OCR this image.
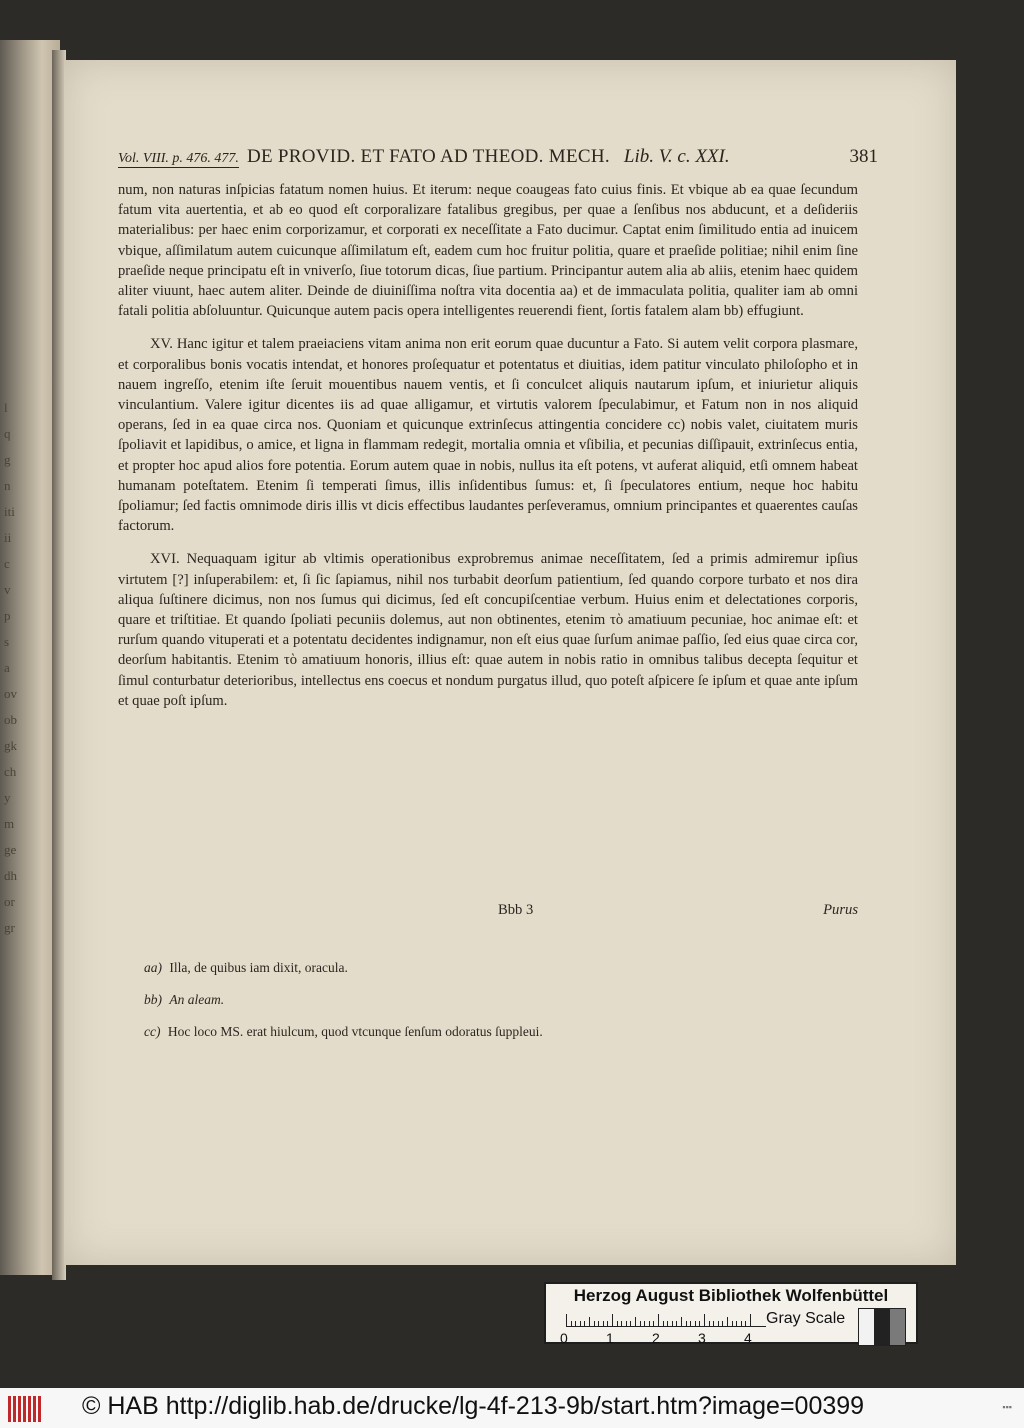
l
q
g
n
iti
ii
c
v
p
s
a
ov
ob
gk
ch
y
m
ge
dh
or
gr
Vol. VIII. p. 476. 477. DE PROVID. ET FATO AD THEOD. MECH. Lib. V. c. XXI.	381

num, non naturas inſpicias fatatum nomen huius. Et iterum: neque coaugeas fato cuius finis. Et vbique ab ea quae ſecundum fatum vita auertentia, et ab eo quod eſt corporalizare fatalibus gregibus, per quae a ſenſibus nos abducunt, et a deſideriis materialibus: per haec enim corporizamur, et corporati ex neceſſitate a Fato ducimur. Captat enim ſimilitudo entia ad inuicem vbique, aſſimilatum autem cuicunque aſſimilatum eſt, eadem cum hoc fruitur politia, quare et praeſide politiae; nihil enim ſine praeſide neque principatu eſt in vniverſo, ſiue totorum dicas, ſiue partium. Principantur autem alia ab aliis, etenim haec quidem aliter viuunt, haec autem aliter. Deinde de diuiniſſima noſtra vita docentia aa) et de immaculata politia, qualiter iam ab omni fatali politia abſoluuntur. Quicunque autem pacis opera intelligentes reuerendi fient, ſortis fatalem alam bb) effugiunt.

XV. Hanc igitur et talem praeiaciens vitam anima non erit eorum quae ducuntur a Fato. Si autem velit corpora plasmare, et corporalibus bonis vocatis intendat, et honores proſequatur et potentatus et diuitias, idem patitur vinculato philoſopho et in nauem ingreſſo, etenim iſte ſeruit mouentibus nauem ventis, et ſi conculcet aliquis nautarum ipſum, et iniurietur aliquis vinculantium. Valere igitur dicentes iis ad quae alligamur, et virtutis valorem ſpeculabimur, et Fatum non in nos aliquid operans, ſed in ea quae circa nos. Quoniam et quicunque extrinſecus attingentia concidere cc) nobis valet, ciuitatem muris ſpoliavit et lapidibus, o amice, et ligna in flammam redegit, mortalia omnia et vſibilia, et pecunias diſſipauit, extrinſecus entia, et propter hoc apud alios fore potentia. Eorum autem quae in nobis, nullus ita eſt potens, vt auferat aliquid, etſi omnem habeat humanam poteſtatem. Etenim ſi temperati ſimus, illis inſidentibus ſumus: et, ſi ſpeculatores entium, neque hoc habitu ſpoliamur; ſed factis omnimode diris illis vt dicis effectibus laudantes perſeveramus, omnium principantes et quaerentes cauſas factorum.

XVI. Nequaquam igitur ab vltimis operationibus exprobremus animae neceſſitatem, ſed a primis admiremur ipſius virtutem [?] inſuperabilem: et, ſi ſic ſapiamus, nihil nos turbabit deorſum patientium, ſed quando corpore turbato et nos dira aliqua ſuſtinere dicimus, non nos ſumus qui dicimus, ſed eſt concupiſcentiae verbum. Huius enim et delectationes corporis, quare et triſtitiae. Et quando ſpoliati pecuniis dolemus, aut non obtinentes, etenim τὸ amatiuum pecuniae, hoc animae eſt: et rurſum quando vituperati et a potentatu decidentes indignamur, non eſt eius quae ſurſum animae paſſio, ſed eius quae circa cor, deorſum habitantis. Etenim τὸ amatiuum honoris, illius eſt: quae autem in nobis ratio in omnibus talibus decepta ſequitur et ſimul conturbatur deterioribus, intellectus ens coecus et nondum purgatus illud, quo poteſt aſpicere ſe ipſum et quae ante ipſum et quae poſt ipſum.

Bbb 3	Purus
aa) Illa, de quibus iam dixit, oracula.
bb) An aleam.
cc) Hoc loco MS. erat hiulcum, quod vtcunque ſenſum odoratus ſuppleui.
Herzog August Bibliothek Wolfenbüttel
0	1	2	3	4
Gray Scale
© HAB http://diglib.hab.de/drucke/lg-4f-213-9b/start.htm?image=00399	▪▪▪
